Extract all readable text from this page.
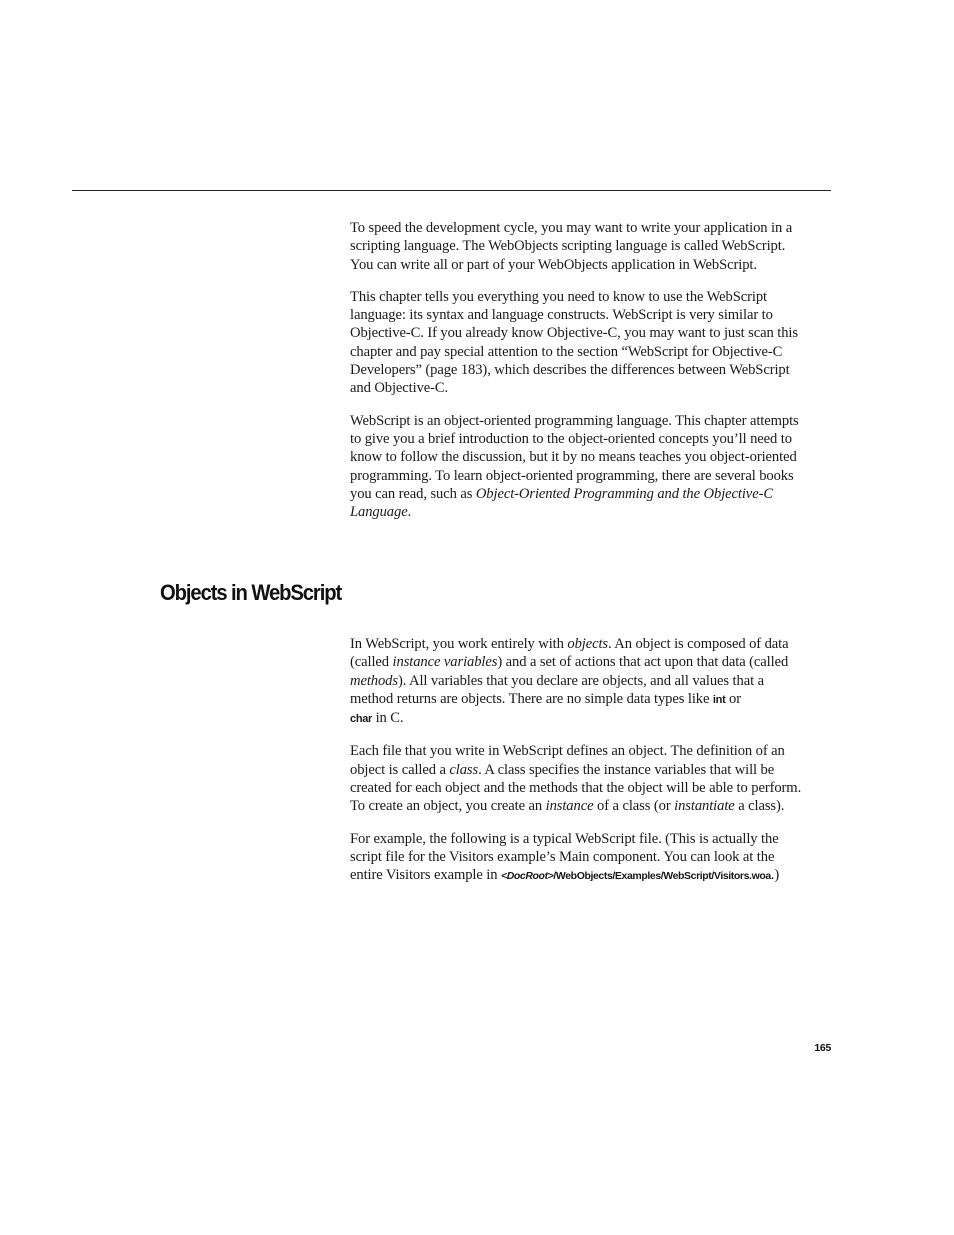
To speed the development cycle, you may want to write your application in a scripting language. The WebObjects scripting language is called WebScript. You can write all or part of your WebObjects application in WebScript.

This chapter tells you everything you need to know to use the WebScript language: its syntax and language constructs. WebScript is very similar to Objective-C. If you already know Objective-C, you may want to just scan this chapter and pay special attention to the section “WebScript for Objective-C Developers” (page 183), which describes the differences between WebScript and Objective-C.

WebScript is an object-oriented programming language. This chapter attempts to give you a brief introduction to the object-oriented concepts you’ll need to know to follow the discussion, but it by no means teaches you object-oriented programming. To learn object-oriented programming, there are several books you can read, such as Object-Oriented Programming and the Objective-C Language.

Objects in WebScript

In WebScript, you work entirely with objects. An object is composed of data (called instance variables) and a set of actions that act upon that data (called methods). All variables that you declare are objects, and all values that a method returns are objects. There are no simple data types like int or
char in C.

Each file that you write in WebScript defines an object. The definition of an object is called a class. A class specifies the instance variables that will be created for each object and the methods that the object will be able to perform. To create an object, you create an instance of a class (or instantiate a class).

For example, the following is a typical WebScript file. (This is actually the script file for the Visitors example’s Main component. You can look at the entire Visitors example in <DocRoot>/WebObjects/Examples/WebScript/Visitors.woa.)

165
